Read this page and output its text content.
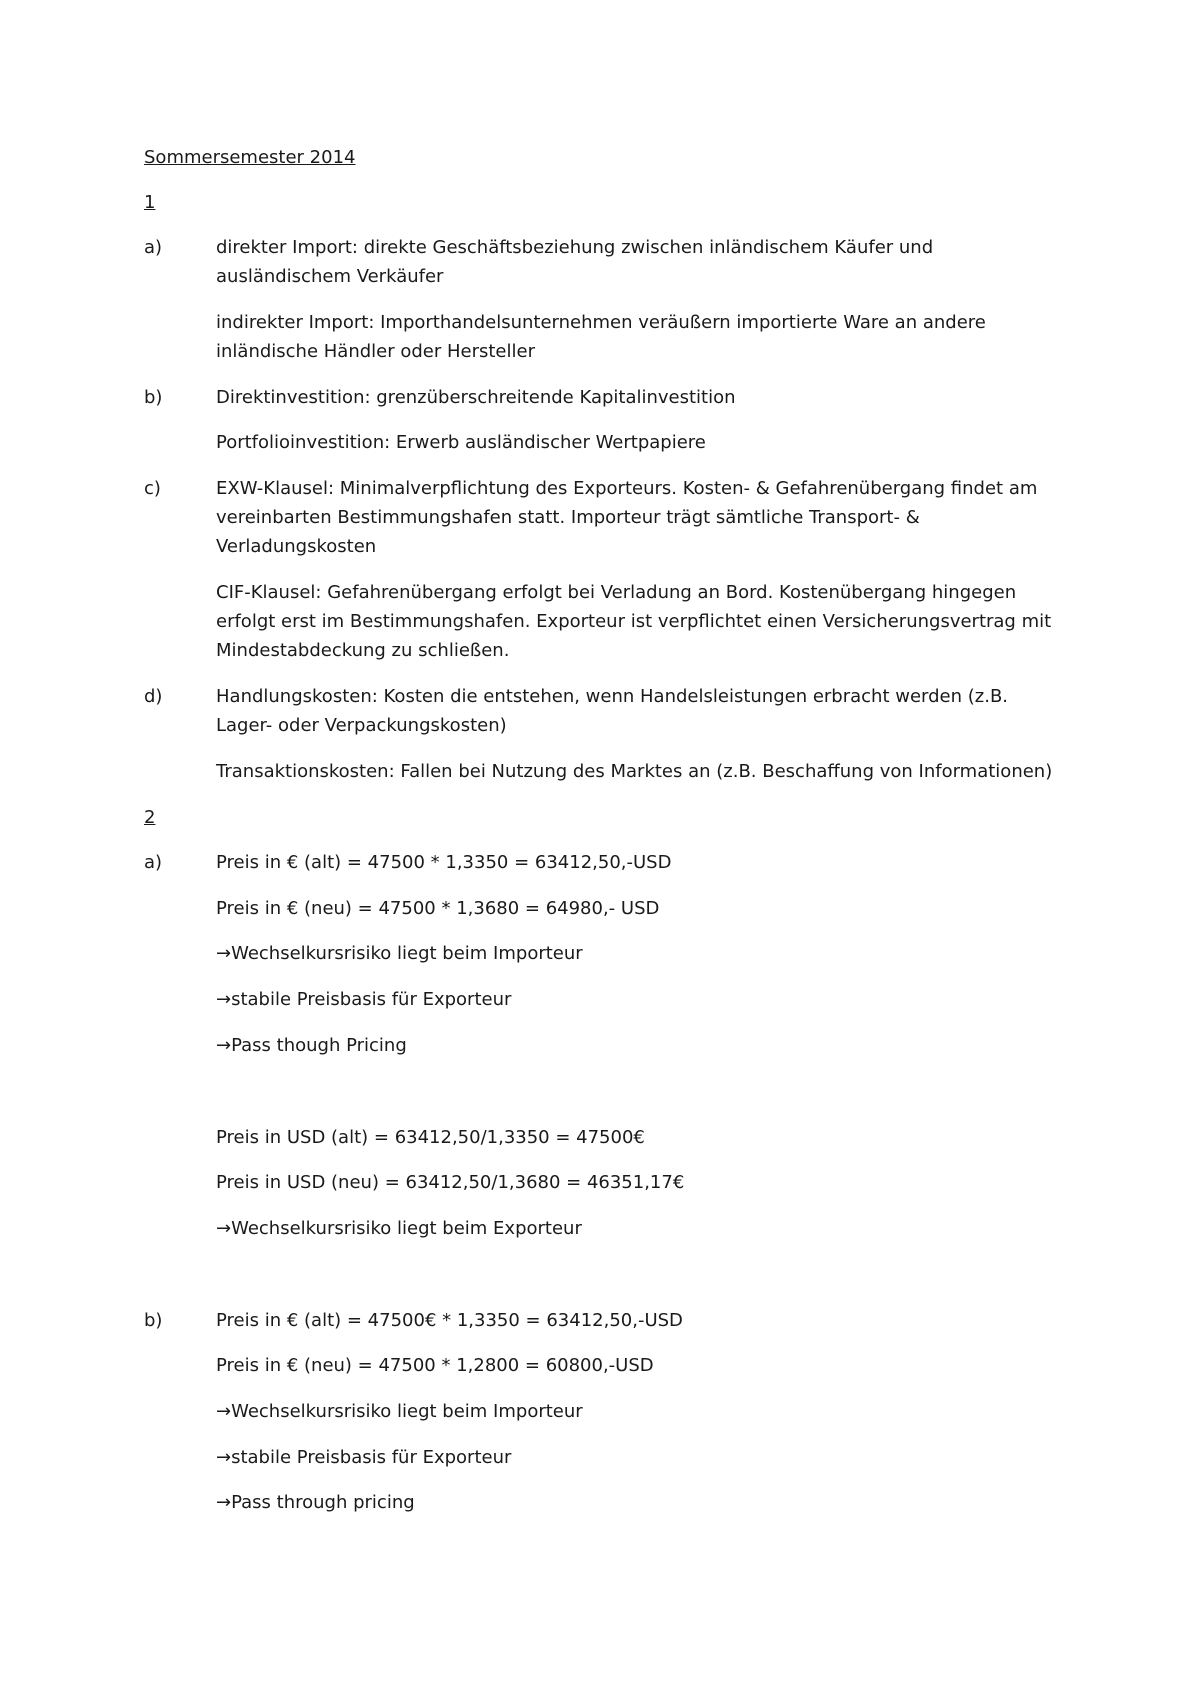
Sommersemester 2014
1
a)	direkter Import: direkte Geschäftsbeziehung zwischen inländischem Käufer und
ausländischem Verkäufer
indirekter Import: Importhandelsunternehmen veräußern importierte Ware an andere
inländische Händler oder Hersteller
b)	Direktinvestition: grenzüberschreitende Kapitalinvestition
Portfolioinvestition: Erwerb ausländischer Wertpapiere
c)	EXW-Klausel: Minimalverpflichtung des Exporteurs. Kosten- & Gefahrenübergang findet am
vereinbarten Bestimmungshafen statt. Importeur trägt sämtliche Transport- &
Verladungskosten
CIF-Klausel: Gefahrenübergang erfolgt bei Verladung an Bord. Kostenübergang hingegen
erfolgt erst im Bestimmungshafen. Exporteur ist verpflichtet einen Versicherungsvertrag mit
Mindestabdeckung zu schließen.
d)	Handlungskosten: Kosten die entstehen, wenn Handelsleistungen erbracht werden (z.B.
Lager- oder Verpackungskosten)
Transaktionskosten: Fallen bei Nutzung des Marktes an (z.B. Beschaffung von Informationen)
2
a)	Preis in € (alt) = 47500 * 1,3350 = 63412,50,-USD
Preis in € (neu) = 47500 * 1,3680 = 64980,- USD
→Wechselkursrisiko liegt beim Importeur
→stabile Preisbasis für Exporteur
→Pass though Pricing
Preis in USD (alt) = 63412,50/1,3350 = 47500€
Preis in USD (neu) = 63412,50/1,3680 = 46351,17€
→Wechselkursrisiko liegt beim Exporteur
b)	Preis in € (alt) = 47500€ * 1,3350 = 63412,50,-USD
Preis in € (neu) = 47500 * 1,2800 = 60800,-USD
→Wechselkursrisiko liegt beim Importeur
→stabile Preisbasis für Exporteur
→Pass through pricing
